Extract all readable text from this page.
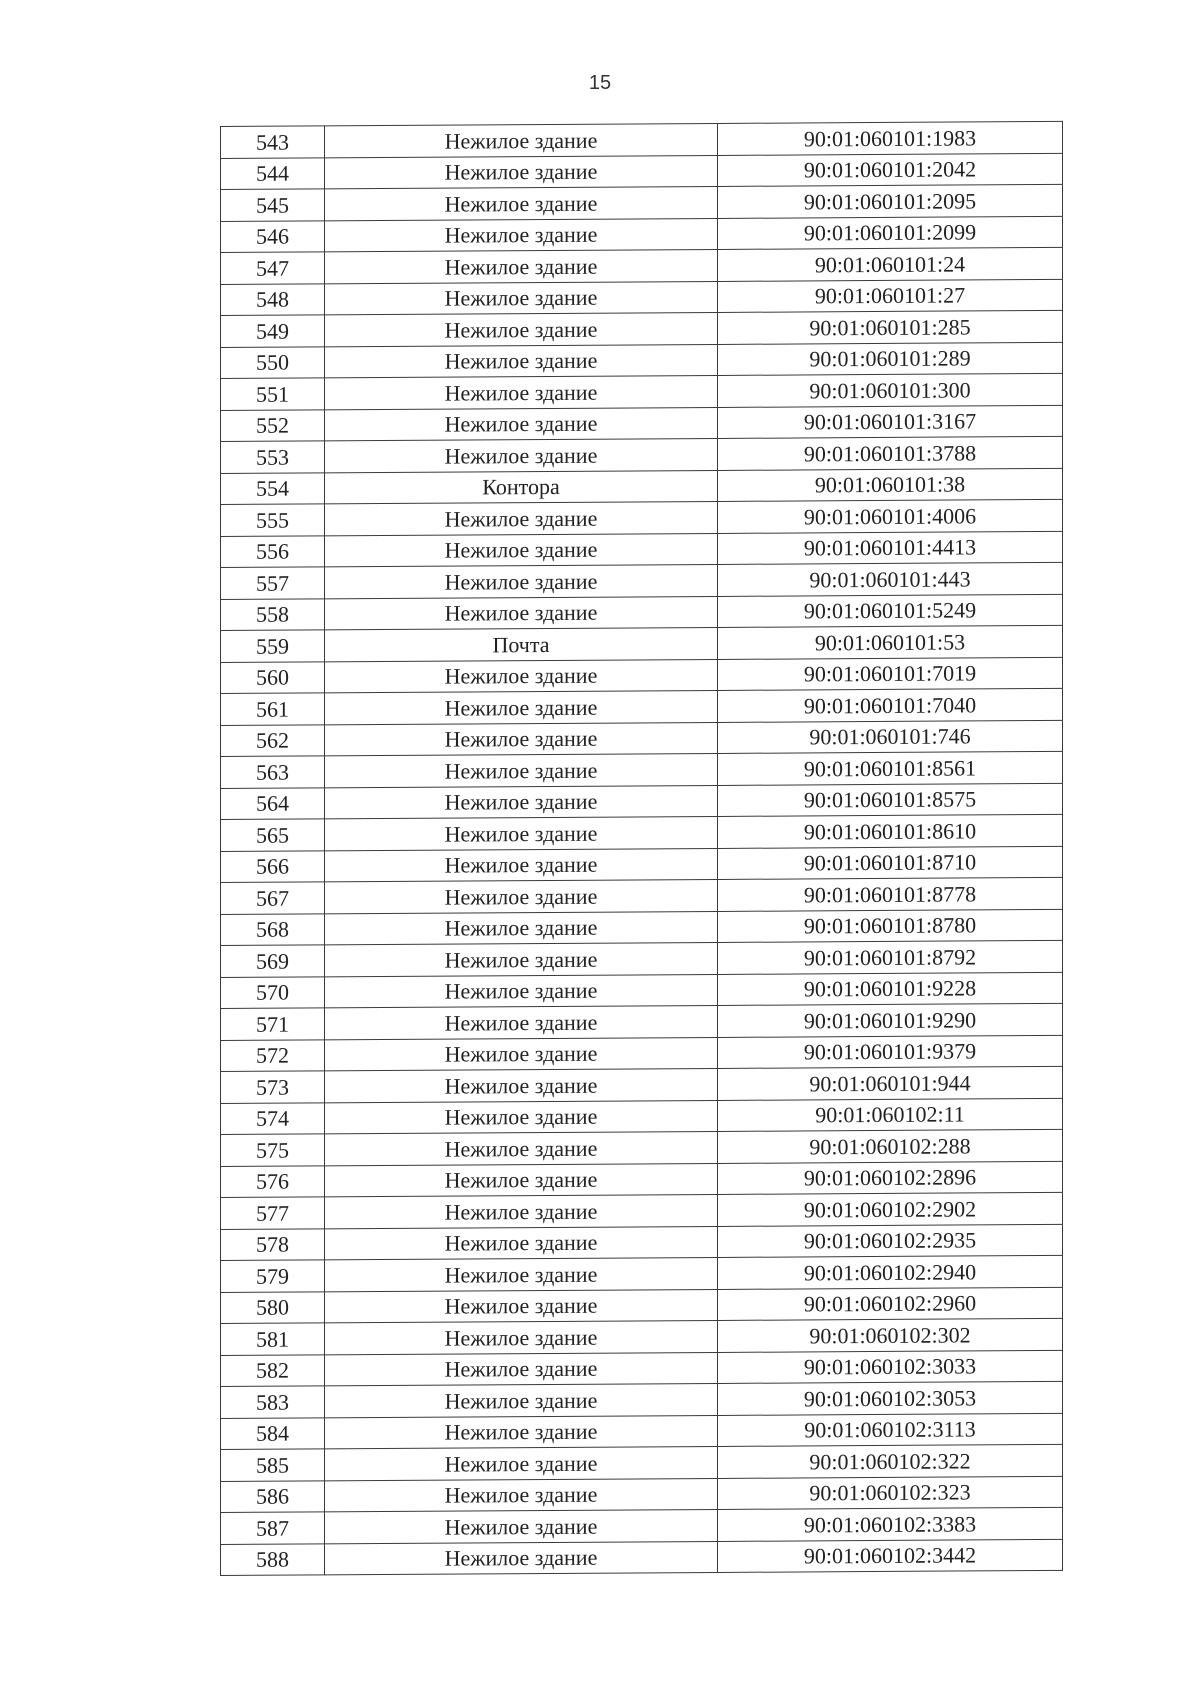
15
543	Нежилое здание	90:01:060101:1983
544	Нежилое здание	90:01:060101:2042
545	Нежилое здание	90:01:060101:2095
546	Нежилое здание	90:01:060101:2099
547	Нежилое здание	90:01:060101:24
548	Нежилое здание	90:01:060101:27
549	Нежилое здание	90:01:060101:285
550	Нежилое здание	90:01:060101:289
551	Нежилое здание	90:01:060101:300
552	Нежилое здание	90:01:060101:3167
553	Нежилое здание	90:01:060101:3788
554	Контора	90:01:060101:38
555	Нежилое здание	90:01:060101:4006
556	Нежилое здание	90:01:060101:4413
557	Нежилое здание	90:01:060101:443
558	Нежилое здание	90:01:060101:5249
559	Почта	90:01:060101:53
560	Нежилое здание	90:01:060101:7019
561	Нежилое здание	90:01:060101:7040
562	Нежилое здание	90:01:060101:746
563	Нежилое здание	90:01:060101:8561
564	Нежилое здание	90:01:060101:8575
565	Нежилое здание	90:01:060101:8610
566	Нежилое здание	90:01:060101:8710
567	Нежилое здание	90:01:060101:8778
568	Нежилое здание	90:01:060101:8780
569	Нежилое здание	90:01:060101:8792
570	Нежилое здание	90:01:060101:9228
571	Нежилое здание	90:01:060101:9290
572	Нежилое здание	90:01:060101:9379
573	Нежилое здание	90:01:060101:944
574	Нежилое здание	90:01:060102:11
575	Нежилое здание	90:01:060102:288
576	Нежилое здание	90:01:060102:2896
577	Нежилое здание	90:01:060102:2902
578	Нежилое здание	90:01:060102:2935
579	Нежилое здание	90:01:060102:2940
580	Нежилое здание	90:01:060102:2960
581	Нежилое здание	90:01:060102:302
582	Нежилое здание	90:01:060102:3033
583	Нежилое здание	90:01:060102:3053
584	Нежилое здание	90:01:060102:3113
585	Нежилое здание	90:01:060102:322
586	Нежилое здание	90:01:060102:323
587	Нежилое здание	90:01:060102:3383
588	Нежилое здание	90:01:060102:3442
